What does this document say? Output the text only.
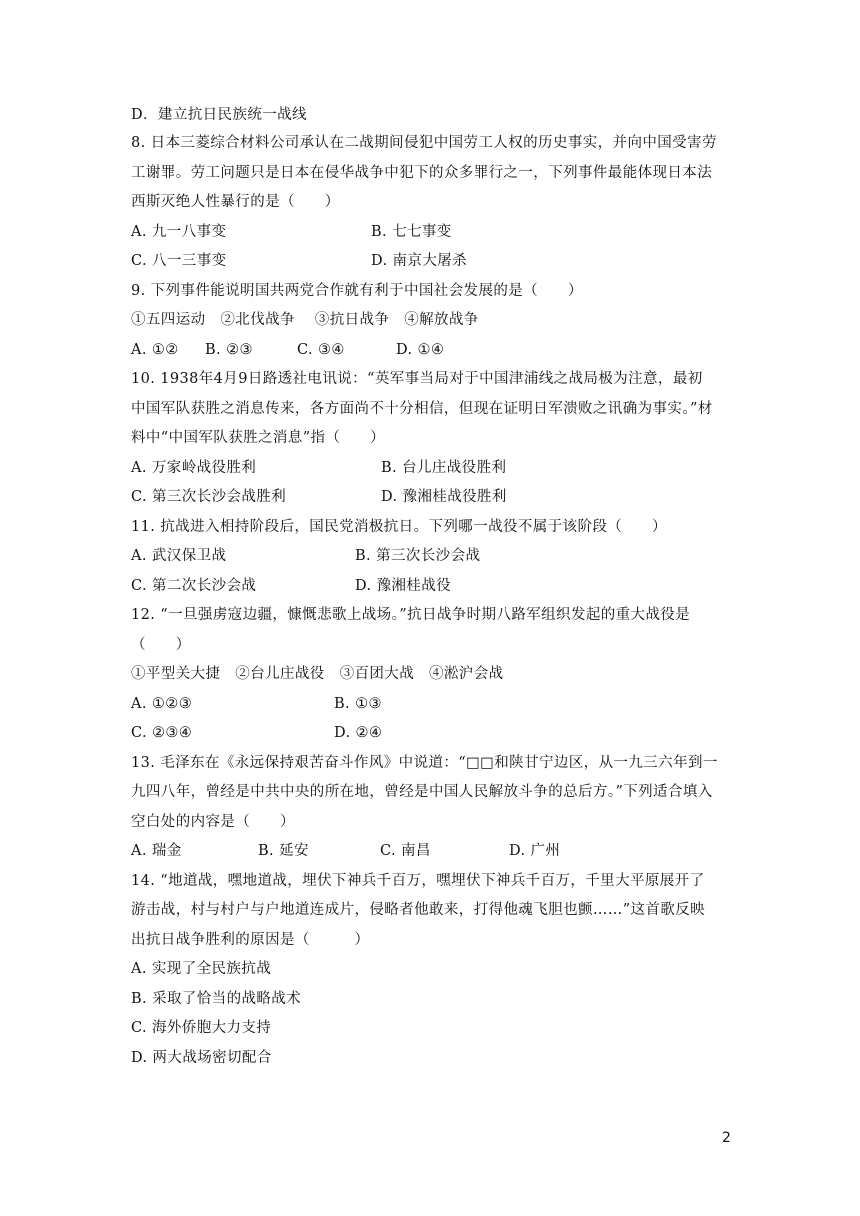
D．建立抗日民族统一战线
8. 日本三菱综合材料公司承认在二战期间侵犯中国劳工人权的历史事实，并向中国受害劳
工谢罪。劳工问题只是日本在侵华战争中犯下的众多罪行之一，下列事件最能体现日本法
西斯灭绝人性暴行的是（　　）
A. 九一八事变	B. 七七事变
C. 八一三事变	D. 南京大屠杀
9. 下列事件能说明国共两党合作就有利于中国社会发展的是（　　）
①五四运动　②北伐战争　 ③抗日战争　④解放战争
A. ①② B. ②③	C. ③④	D. ①④
10. 1938年4月9日路透社电讯说：“英军事当局对于中国津浦线之战局极为注意，最初
中国军队获胜之消息传来，各方面尚不十分相信，但现在证明日军溃败之讯确为事实。”材
料中“中国军队获胜之消息”指（　　）
A. 万家岭战役胜利	B. 台儿庄战役胜利
C. 第三次长沙会战胜利	D. 豫湘桂战役胜利
11. 抗战进入相持阶段后，国民党消极抗日。下列哪一战役不属于该阶段（　　）
A. 武汉保卫战	B. 第三次长沙会战
C. 第二次长沙会战	D. 豫湘桂战役
12. “一旦强虏寇边疆，慷慨悲歌上战场。”抗日战争时期八路军组织发起的重大战役是
（　　）
①平型关大捷　②台儿庄战役　③百团大战　④淞沪会战
A. ①②③	B. ①③
C. ②③④	D. ②④
13. 毛泽东在《永远保持艰苦奋斗作风》中说道：“□□和陕甘宁边区，从一九三六年到一
九四八年，曾经是中共中央的所在地，曾经是中国人民解放斗争的总后方。”下列适合填入
空白处的内容是（　　）
A. 瑞金	B. 延安	C. 南昌	D. 广州
14. “地道战，嘿地道战，埋伏下神兵千百万，嘿埋伏下神兵千百万，千里大平原展开了
游击战，村与村户与户地道连成片，侵略者他敢来，打得他魂飞胆也颤……”这首歌反映
出抗日战争胜利的原因是（　　　）
A. 实现了全民族抗战
B. 采取了恰当的战略战术
C. 海外侨胞大力支持
D. 两大战场密切配合
2
